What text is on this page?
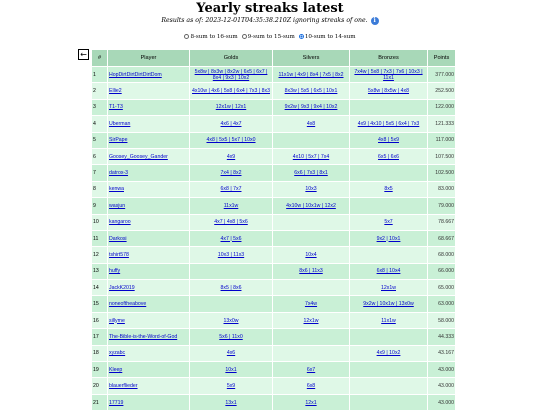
Yearly streaks latest
Results as of: 2023-12-01T04:35:38.210Z ignoring streaks of one. i
8-sum to 16-sum 9-sum to 15-sum 10-sum to 14-sum
←	#	Player	Golds	Silvers	Bronzes	Points
1	HopDirtDirtDirtDirtDom	5x8w | 8x3w | 8x2w | 6x5 | 6x7 | 8x4 | 9x3 | 10x2	11x1w | 4x9 | 8x4 | 7x5 | 8x2	7x4w | 5x8 | 7x3 | 7x6 | 10x3 | 11x1	377.000
2	Ellie2	4x10w | 4x6 | 5x8 | 6x4 | 7x3 | 8x3	8x3w | 5x5 | 6x5 | 10x1	5x8w | 8x5w | 4x8	252.500
3	T1-T3	12x1w | 12x1	9x2w | 9x3 | 9x4 | 10x2		122.000
4	Uberman	4x6 | 4x7	4x8	4x9 | 4x10 | 5x5 | 6x4 | 7x3	121.333
5	SirPape	4x8 | 5x5 | 5x7 | 10x0		4x8 | 5x9	117.000
6	Goosey_Goosey_Gander	4x9	4x10 | 5x7 | 7x4	6x5 | 6x6	107.500
7	datrox-3	7x4 | 8x2	6x6 | 7x3 | 8x1		102.500
8	kenwa	6x8 | 7x7	10x3	8x5	83.000
9	wasjun	11x1w	4x10w | 10x1w | 12x2		79.000
10	kangaroo	4x7 | 4x8 | 5x6		5x7	78.667
11	Darkosi	4x7 | 5x6		9x2 | 10x1	68.667
12	tshirt578	10x3 | 11x3	10x4		68.000
13	huffy		8x6 | 11x3	6x8 | 10x4	66.000
14	JackK2019	8x5 | 8x6		12x1w	65.000
15	noneoftheabove		7x4w	9x2w | 10x1w | 13x0w	63.000
16	sillyme	13x0w	12x1w	11x1w	58.000
17	The-Bible-is-the-Word-of-God	5x6 | 11x0			44.333
18	xyzabc	4x6		4x9 | 10x2	43.167
19	Kleep	10x1	6x7		43.000
20	blauerflieder	5x9	6x8		43.000
21	17719	13x1	12x1		43.000
